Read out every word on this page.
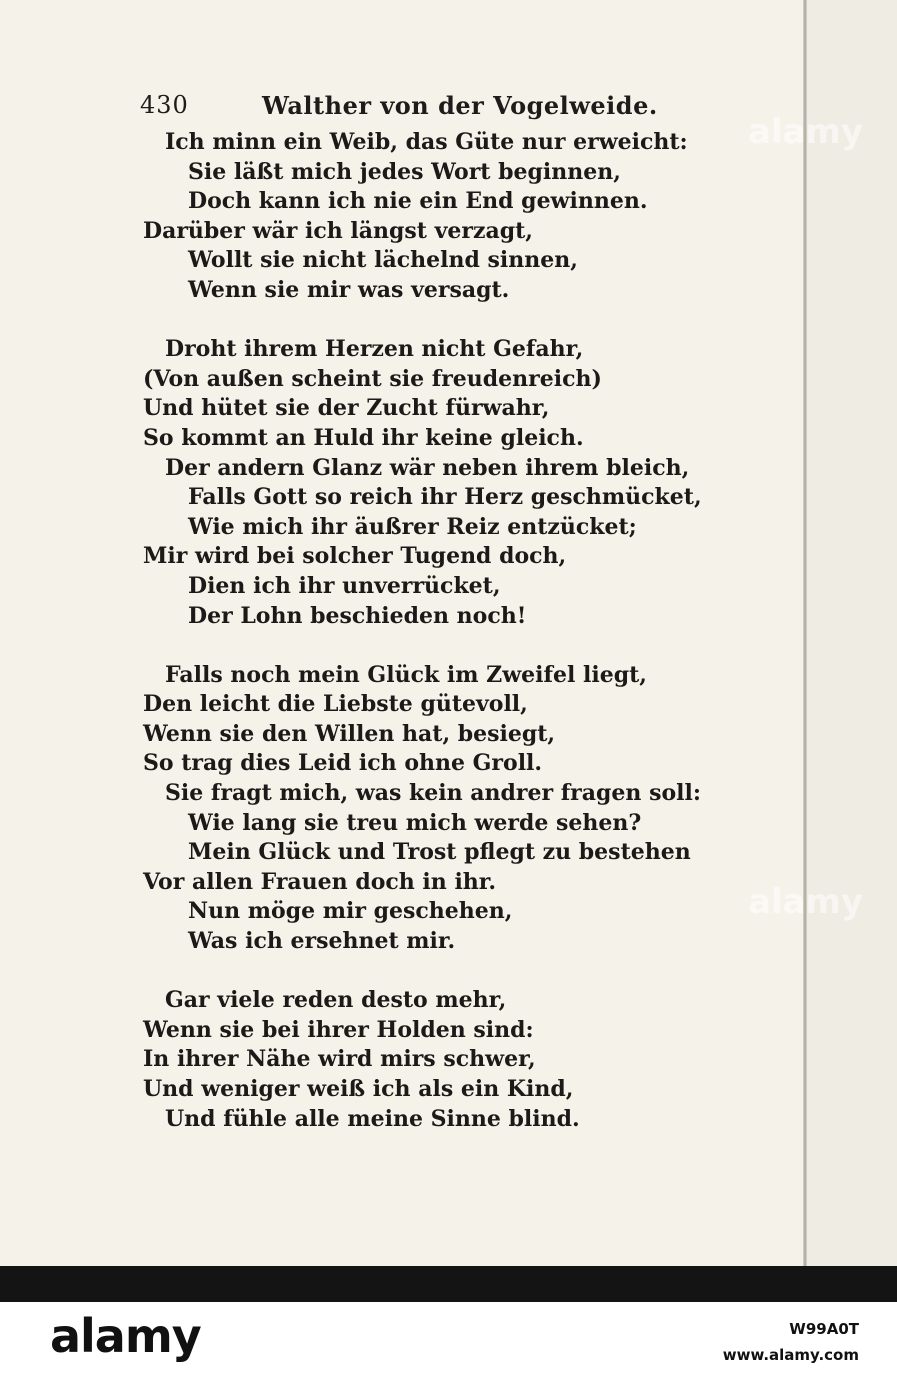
430	Walther von der Vogelweide.
Ich minn ein Weib, das Güte nur erweicht:
Sie läßt mich jedes Wort beginnen,
Doch kann ich nie ein End gewinnen.
Darüber wär ich längst verzagt,
Wollt sie nicht lächelnd sinnen,
Wenn sie mir was versagt.
Droht ihrem Herzen nicht Gefahr,
(Von außen scheint sie freudenreich)
Und hütet sie der Zucht fürwahr,
So kommt an Huld ihr keine gleich.
Der andern Glanz wär neben ihrem bleich,
Falls Gott so reich ihr Herz geschmücket,
Wie mich ihr äußrer Reiz entzücket;
Mir wird bei solcher Tugend doch,
Dien ich ihr unverrücket,
Der Lohn beschieden noch!
Falls noch mein Glück im Zweifel liegt,
Den leicht die Liebste gütevoll,
Wenn sie den Willen hat, besiegt,
So trag dies Leid ich ohne Groll.
Sie fragt mich, was kein andrer fragen soll:
Wie lang sie treu mich werde sehen?
Mein Glück und Trost pflegt zu bestehen
Vor allen Frauen doch in ihr.
Nun möge mir geschehen,
Was ich ersehnet mir.
Gar viele reden desto mehr,
Wenn sie bei ihrer Holden sind:
In ihrer Nähe wird mirs schwer,
Und weniger weiß ich als ein Kind,
Und fühle alle meine Sinne blind.
alamy
alamy
alamy	W99A0T
www.alamy.com
